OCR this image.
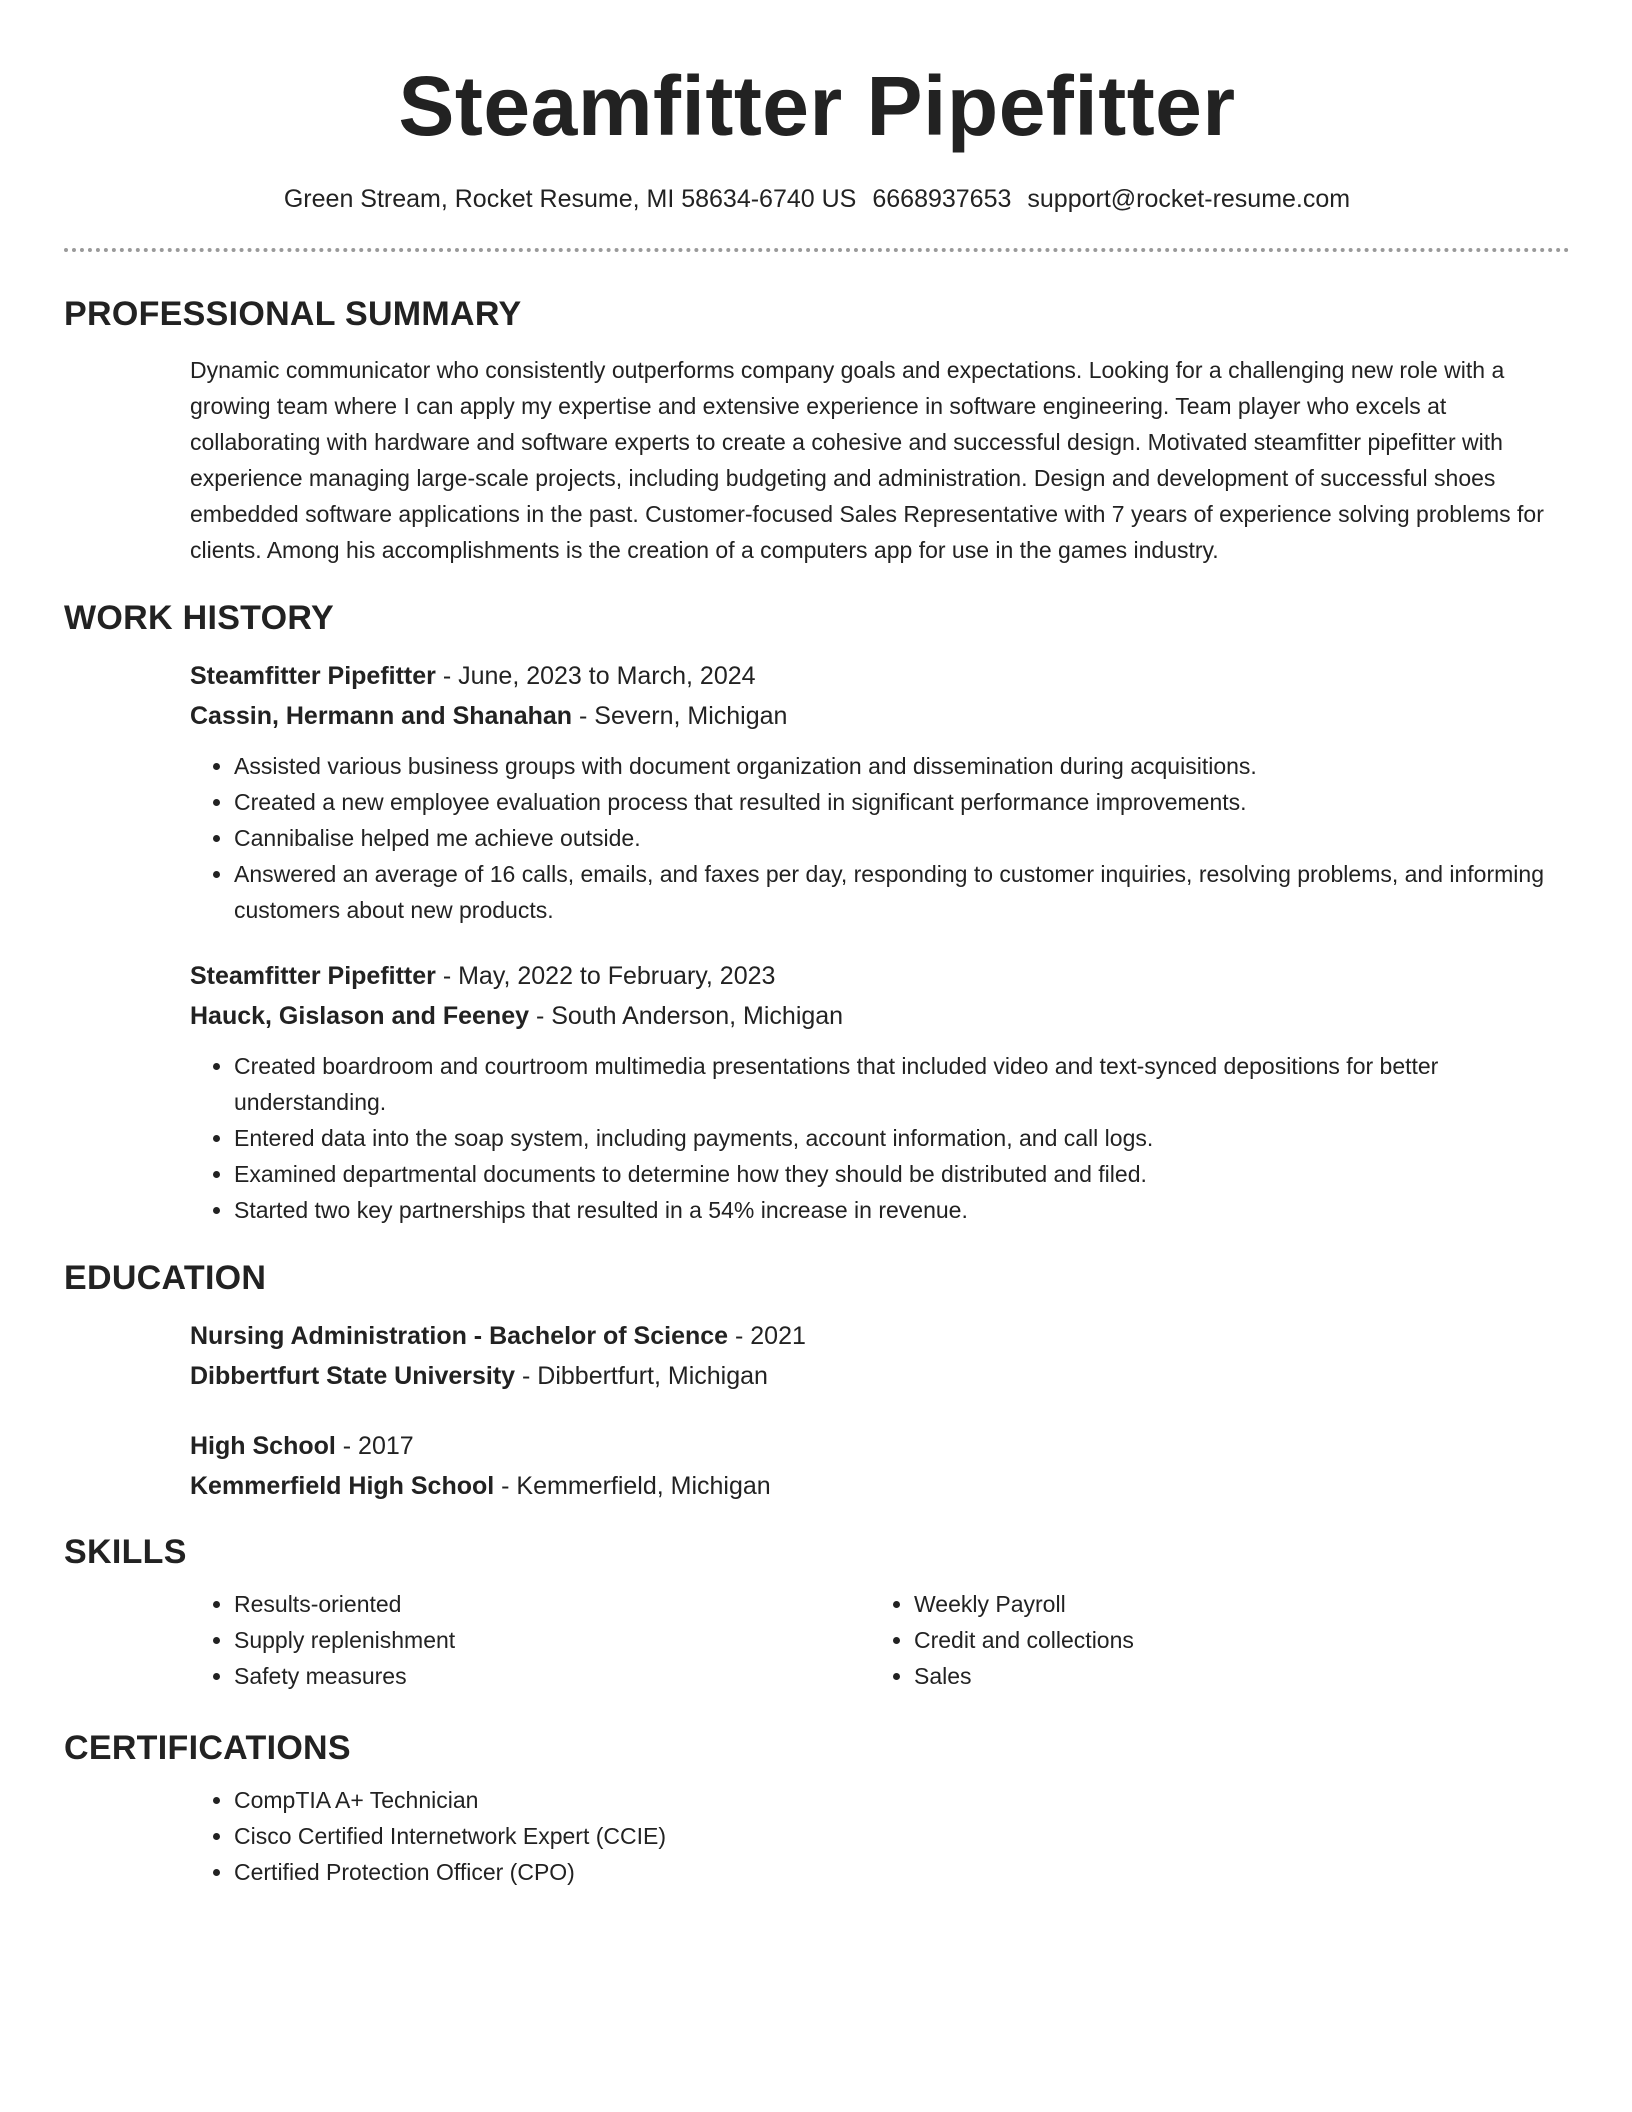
Steamfitter Pipefitter
Green Stream, Rocket Resume, MI 58634-6740 US 6668937653 support@rocket-resume.com
PROFESSIONAL SUMMARY

Dynamic communicator who consistently outperforms company goals and expectations. Looking for a challenging new role with a growing team where I can apply my expertise and extensive experience in software engineering. Team player who excels at collaborating with hardware and software experts to create a cohesive and successful design. Motivated steamfitter pipefitter with experience managing large-scale projects, including budgeting and administration. Design and development of successful shoes embedded software applications in the past. Customer-focused Sales Representative with 7 years of experience solving problems for clients. Among his accomplishments is the creation of a computers app for use in the games industry.

WORK HISTORY
Steamfitter Pipefitter - June, 2023 to March, 2024
Cassin, Hermann and Shanahan - Severn, Michigan
• Assisted various business groups with document organization and dissemination during acquisitions.
• Created a new employee evaluation process that resulted in significant performance improvements.
• Cannibalise helped me achieve outside.
• Answered an average of 16 calls, emails, and faxes per day, responding to customer inquiries, resolving problems, and informing customers about new products.
Steamfitter Pipefitter - May, 2022 to February, 2023
Hauck, Gislason and Feeney - South Anderson, Michigan
• Created boardroom and courtroom multimedia presentations that included video and text-synced depositions for better understanding.
• Entered data into the soap system, including payments, account information, and call logs.
• Examined departmental documents to determine how they should be distributed and filed.
• Started two key partnerships that resulted in a 54% increase in revenue.
EDUCATION
Nursing Administration - Bachelor of Science - 2021
Dibbertfurt State University - Dibbertfurt, Michigan
High School - 2017
Kemmerfield High School - Kemmerfield, Michigan
SKILLS
• Results-oriented
• Supply replenishment
• Safety measures
• Weekly Payroll
• Credit and collections
• Sales
CERTIFICATIONS
• CompTIA A+ Technician
• Cisco Certified Internetwork Expert (CCIE)
• Certified Protection Officer (CPO)
